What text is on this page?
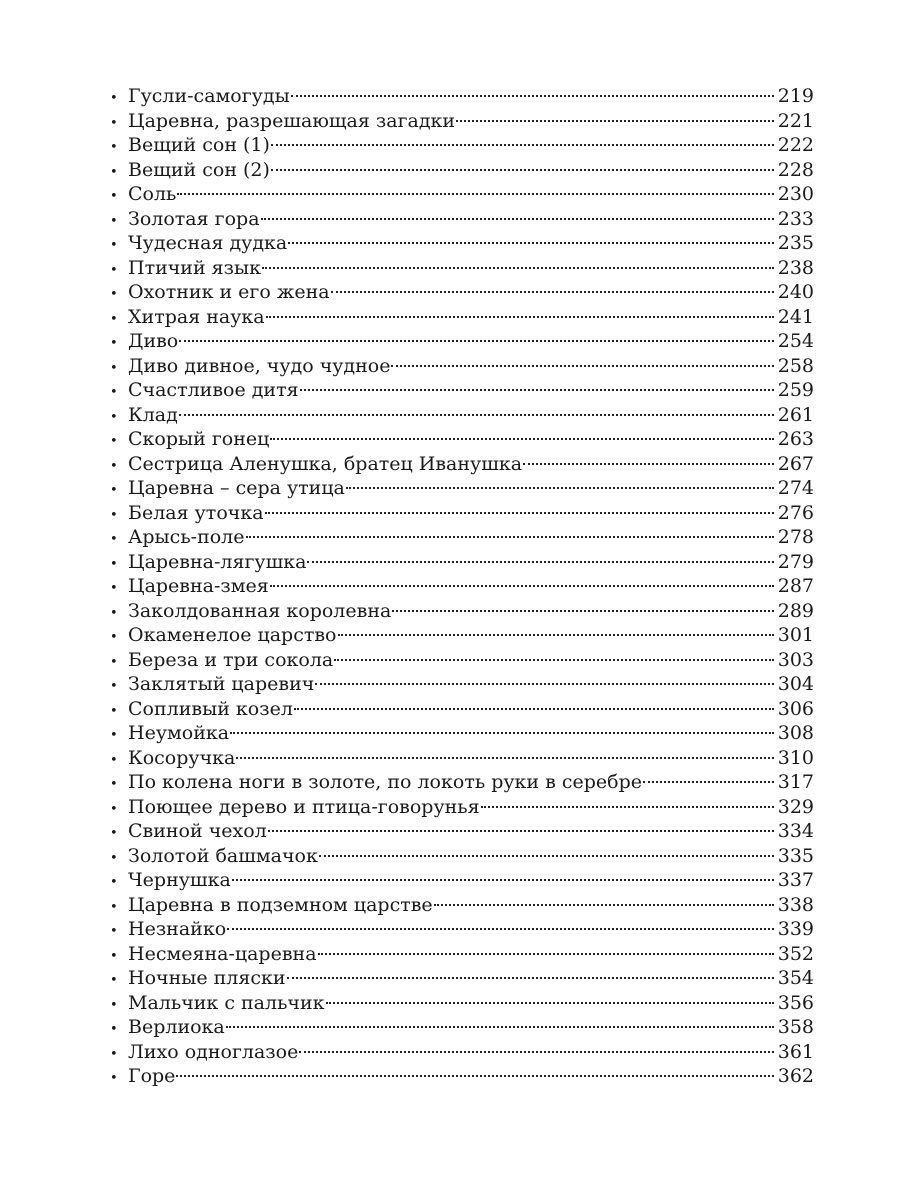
• Гусли-самогуды	219
• Царевна, разрешающая загадки	221
• Вещий сон (1)	222
• Вещий сон (2)	228
• Соль	230
• Золотая гора	233
• Чудесная дудка	235
• Птичий язык	238
• Охотник и его жена	240
• Хитрая наука	241
• Диво	254
• Диво дивное, чудо чудное	258
• Счастливое дитя	259
• Клад	261
• Скорый гонец	263
• Сестрица Аленушка, братец Иванушка	267
• Царевна – сера утица	274
• Белая уточка	276
• Арысь-поле	278
• Царевна-лягушка	279
• Царевна-змея	287
• Заколдованная королевна	289
• Окаменелое царство	301
• Береза и три сокола	303
• Заклятый царевич	304
• Сопливый козел	306
• Неумойка	308
• Косоручка	310
• По колена ноги в золоте, по локоть руки в серебре	317
• Поющее дерево и птица-говорунья	329
• Свиной чехол	334
• Золотой башмачок	335
• Чернушка	337
• Царевна в подземном царстве	338
• Незнайко	339
• Несмеяна-царевна	352
• Ночные пляски	354
• Мальчик с пальчик	356
• Верлиока	358
• Лихо одноглазое	361
• Горе	362
